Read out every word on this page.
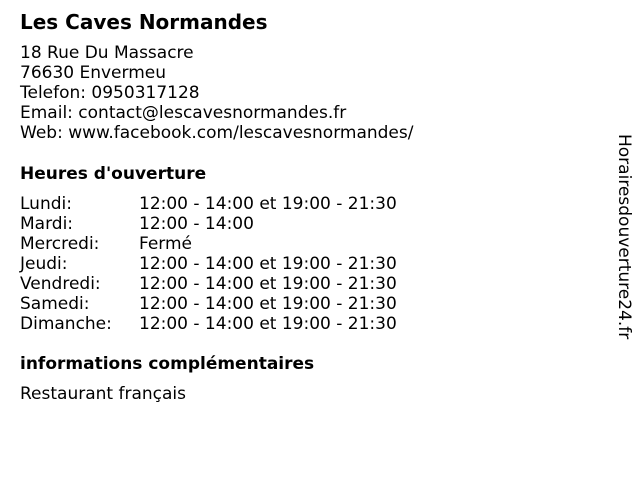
Les Caves Normandes
18 Rue Du Massacre
76630 Envermeu
Telefon: 0950317128
Email: contact@lescavesnormandes.fr
Web: www.facebook.com/lescavesnormandes/
Heures d'ouverture
Lundi:	12:00 - 14:00 et 19:00 - 21:30
Mardi:	12:00 - 14:00
Mercredi:	Fermé
Jeudi:	12:00 - 14:00 et 19:00 - 21:30
Vendredi:	12:00 - 14:00 et 19:00 - 21:30
Samedi:	12:00 - 14:00 et 19:00 - 21:30
Dimanche:	12:00 - 14:00 et 19:00 - 21:30
informations complémentaires
Restaurant français
Horairesdouverture24.fr
